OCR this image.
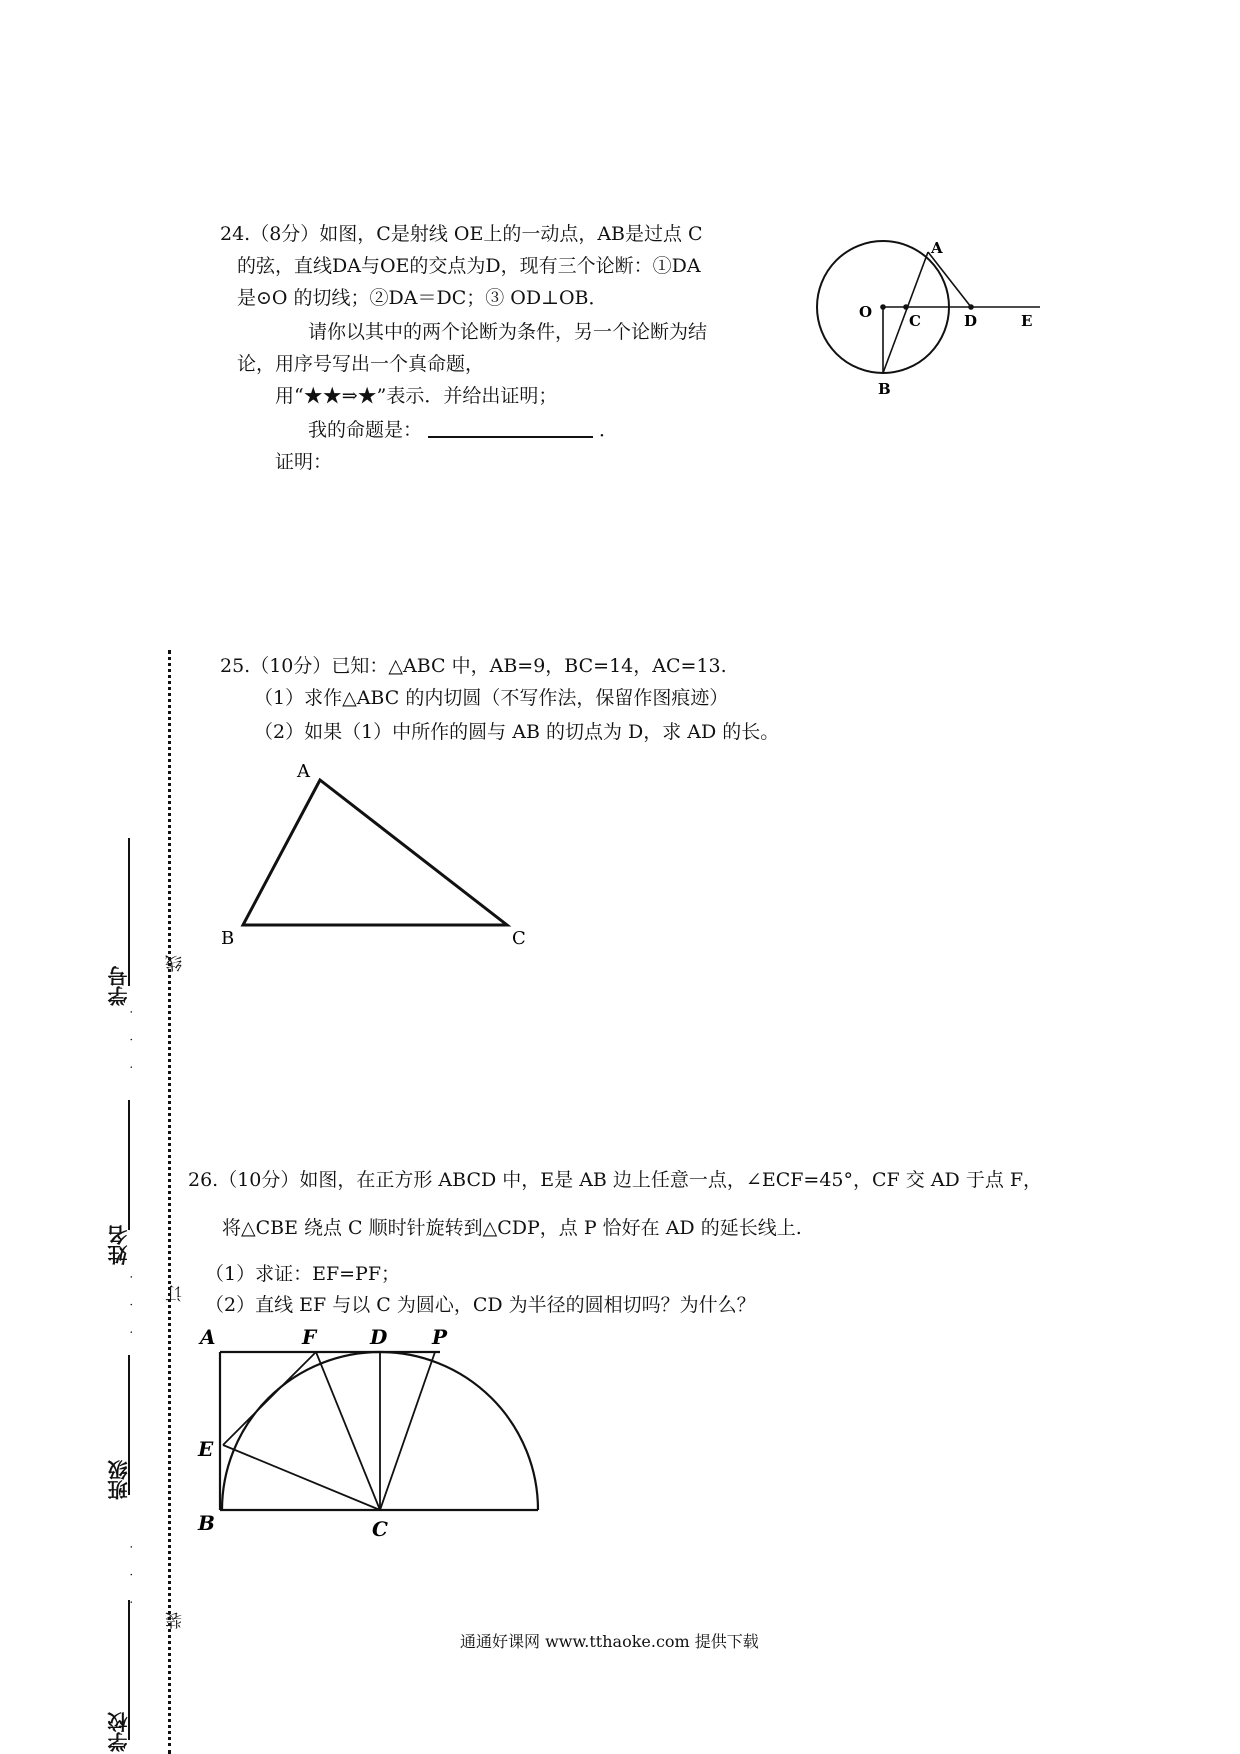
24.（8分）如图，C是射线 OE上的一动点，AB是过点 C
的弦，直线DA与OE的交点为D，现有三个论断：①DA
是⊙O 的切线；②DA＝DC；③ OD⊥OB．
请你以其中的两个论断为条件，另一个论断为结
论，用序号写出一个真命题，
用“★★⇒★”表示．并给出证明；
我的命题是：	．
证明：
A
O C	D	E
B
25.（10分）已知：△ABC 中，AB=9，BC=14，AC=13.
（1）求作△ABC 的内切圆（不写作法，保留作图痕迹）
（2）如果（1）中所作的圆与 AB 的切点为 D，求 AD 的长。
A
B	C
26.（10分）如图，在正方形 ABCD 中，E是 AB 边上任意一点，∠ECF=45°，CF 交 AD 于点 F，
将△CBE 绕点 C 顺时针旋转到△CDP，点 P 恰好在 AD 的延长线上.
（1）求证：EF=PF；
（2）直线 EF 与以 C 为圆心，CD 为半径的圆相切吗？为什么？
A	F	D P
E
B	C
学号
· · ·
姓名
· · ·
班级
· · ·
学校
线
订
装
通通好课网 www.tthaoke.com 提供下载
